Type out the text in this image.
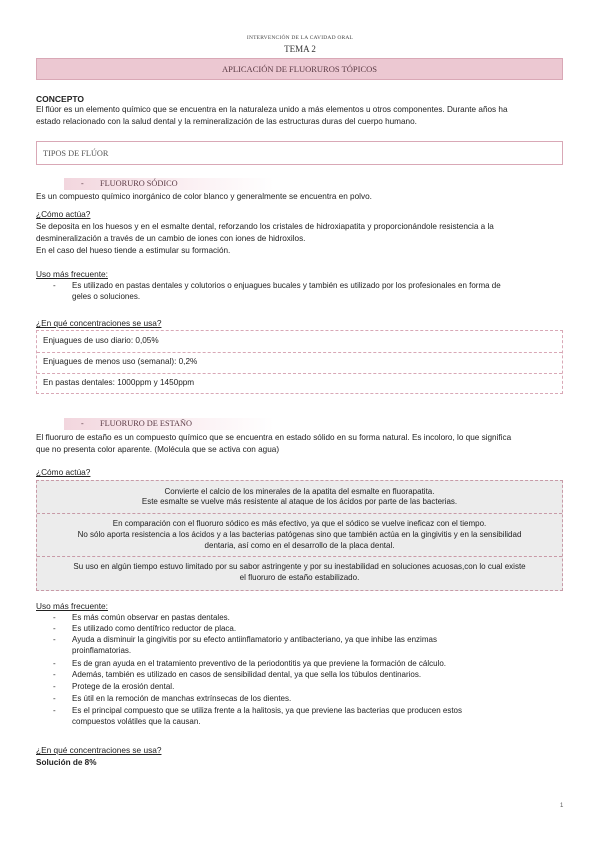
INTERVENCIÓN DE LA CAVIDAD ORAL
TEMA 2
APLICACIÓN DE FLUORUROS TÓPICOS
CONCEPTO
El flúor es un elemento químico que se encuentra en la naturaleza unido a más elementos u otros componentes. Durante años ha
estado relacionado con la salud dental y la remineralización de las estructuras duras del cuerpo humano.
TIPOS DE FLÚOR
- FLUORURO SÓDICO
Es un compuesto químico inorgánico de color blanco y generalmente se encuentra en polvo.
¿Cómo actúa?
Se deposita en los huesos y en el esmalte dental, reforzando los cristales de hidroxiapatita y proporcionándole resistencia a la
desmineralización a través de un cambio de iones con iones de hidroxilos.
En el caso del hueso tiende a estimular su formación.
Uso más frecuente:
- Es utilizado en pastas dentales y colutorios o enjuagues bucales y también es utilizado por los profesionales en forma de
geles o soluciones.
¿En qué concentraciones se usa?
Enjuagues de uso diario: 0,05%
Enjuagues de menos uso (semanal): 0,2%
En pastas dentales: 1000ppm y 1450ppm
- FLUORURO DE ESTAÑO
El fluoruro de estaño es un compuesto químico que se encuentra en estado sólido en su forma natural. Es incoloro, lo que significa
que no presenta color aparente. (Molécula que se activa con agua)
¿Cómo actúa?
Convierte el calcio de los minerales de la apatita del esmalte en fluorapatita.
Este esmalte se vuelve más resistente al ataque de los ácidos por parte de las bacterias.
En comparación con el fluoruro sódico es más efectivo, ya que el sódico se vuelve ineficaz con el tiempo.
No sólo aporta resistencia a los ácidos y a las bacterias patógenas sino que también actúa en la gingivitis y en la sensibilidad
dentaria, así como en el desarrollo de la placa dental.
Su uso en algún tiempo estuvo limitado por su sabor astringente y por su inestabilidad en soluciones acuosas,con lo cual existe
el fluoruro de estaño estabilizado.
Uso más frecuente:
- Es más común observar en pastas dentales.
- Es utilizado como dentífrico reductor de placa.
- Ayuda a disminuir la gingivitis por su efecto antiinflamatorio y antibacteriano, ya que inhibe las enzimas
proinflamatorias.
- Es de gran ayuda en el tratamiento preventivo de la periodontitis ya que previene la formación de cálculo.
- Además, también es utilizado en casos de sensibilidad dental, ya que sella los túbulos dentinarios.
- Protege de la erosión dental.
- Es útil en la remoción de manchas extrínsecas de los dientes.
- Es el principal compuesto que se utiliza frente a la halitosis, ya que previene las bacterias que producen estos
compuestos volátiles que la causan.
¿En qué concentraciones se usa?
Solución de 8%
1
